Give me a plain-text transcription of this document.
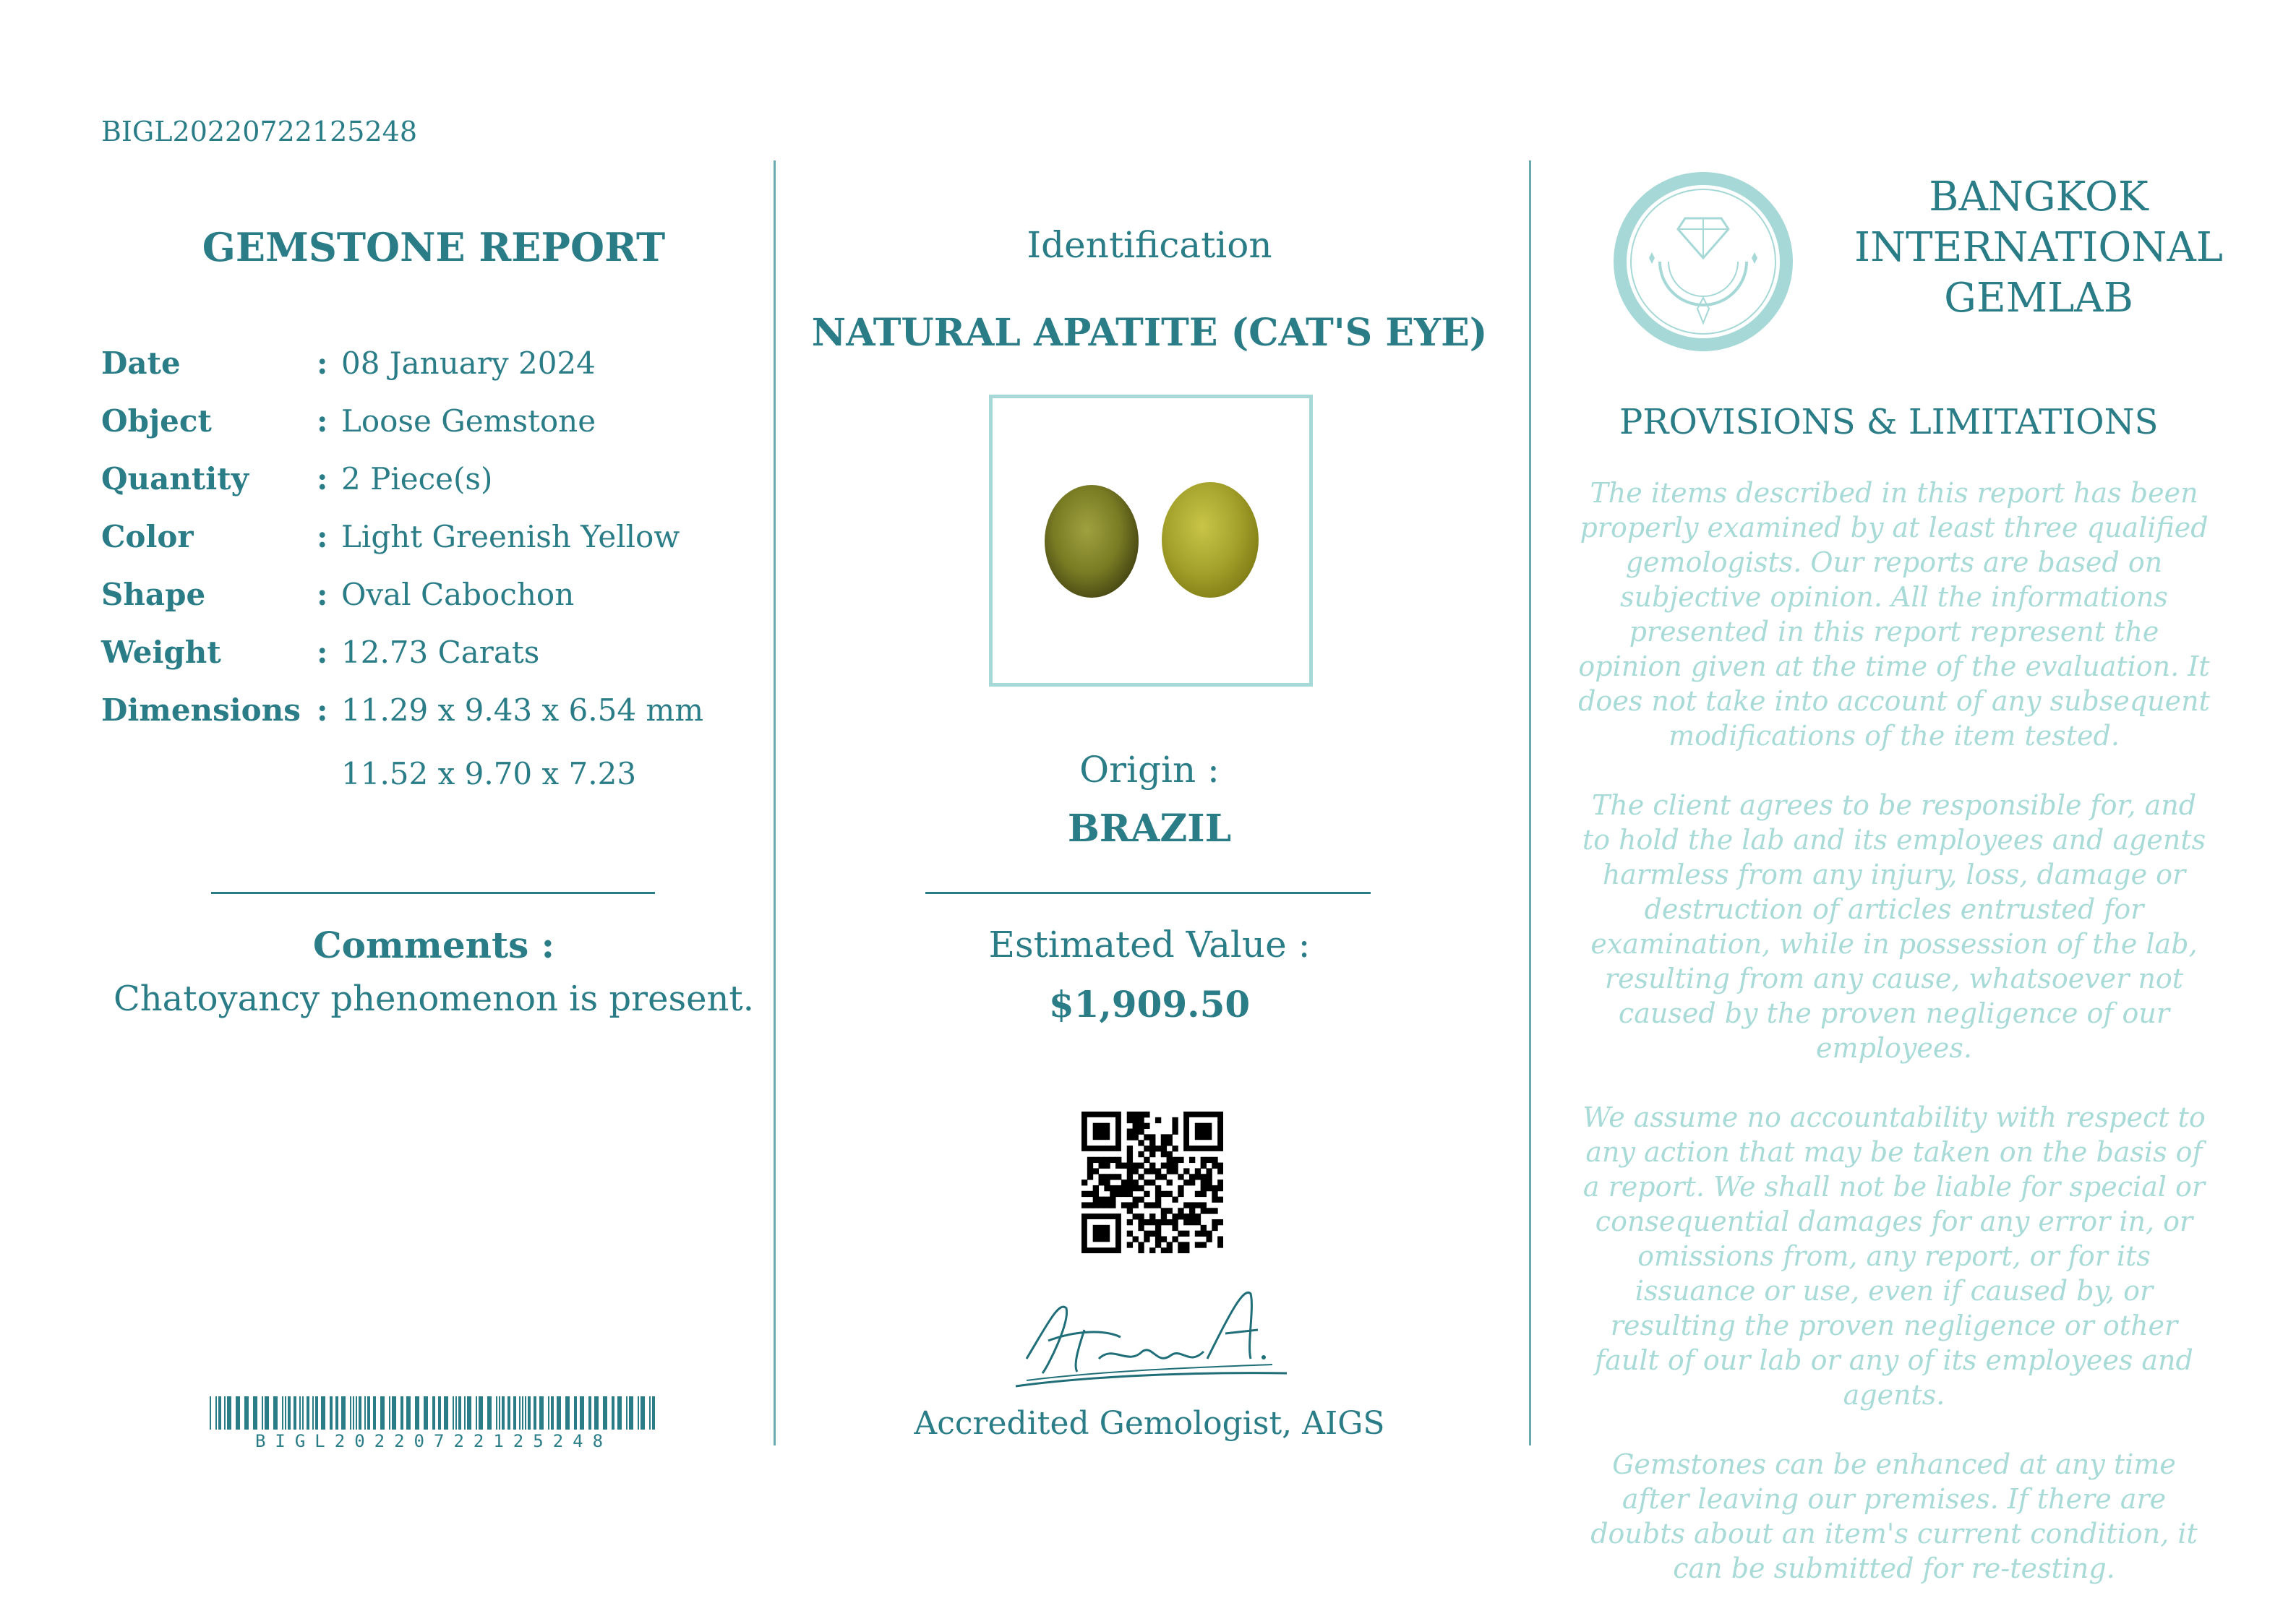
BIGL20220722125248
GEMSTONE REPORT
Date	: 08 January 2024
Object	: Loose Gemstone
Quantity : 2 Piece(s)
Color	: Light Greenish Yellow
Shape	: Oval Cabochon
Weight	: 12.73 Carats
Dimensions : 11.29 x 9.43 x 6.54 mm
11.52 x 9.70 x 7.23
Comments :
Chatoyancy phenomenon is present.
BIGL20220722125248
Identification
NATURAL APATITE (CAT'S EYE)
Origin :
BRAZIL
Estimated Value :
$1,909.50
Accredited Gemologist, AIGS
BANGKOK
INTERNATIONAL
GEMLAB
PROVISIONS & LIMITATIONS

The items described in this report has been properly examined by at least three qualified gemologists. Our reports are based on subjective opinion. All the informations presented in this report represent the opinion given at the time of the evaluation. It does not take into account of any subsequent modifications of the item tested.

The client agrees to be responsible for, and to hold the lab and its employees and agents harmless from any injury, loss, damage or destruction of articles entrusted for examination, while in possession of the lab, resulting from any cause, whatsoever not caused by the proven negligence of our employees.

We assume no accountability with respect to any action that may be taken on the basis of a report. We shall not be liable for special or consequential damages for any error in, or omissions from, any report, or for its issuance or use, even if caused by, or resulting the proven negligence or other fault of our lab or any of its employees and agents.

Gemstones can be enhanced at any time after leaving our premises. If there are doubts about an item's current condition, it can be submitted for re-testing.
